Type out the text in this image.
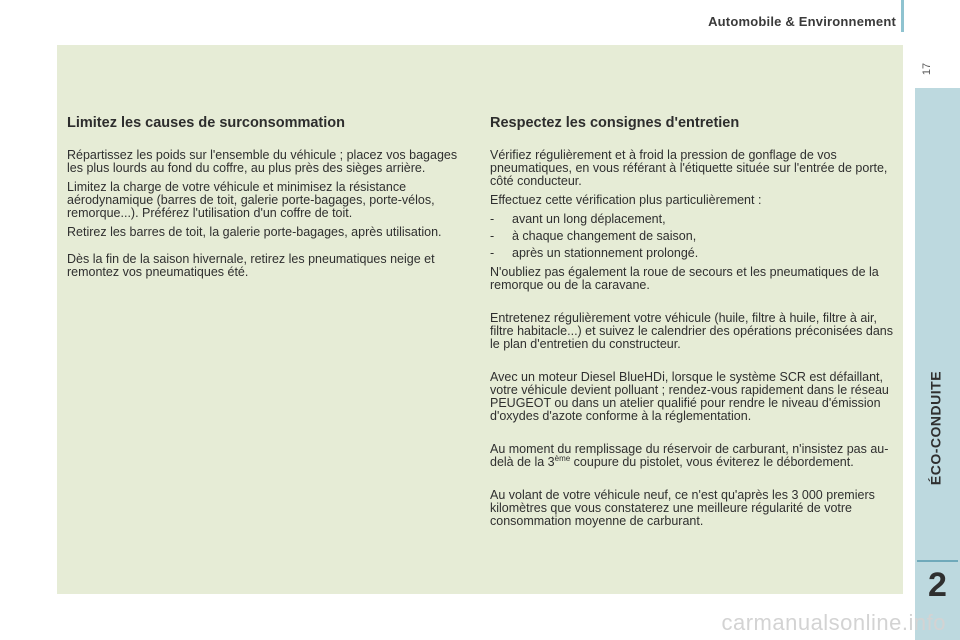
Automobile & Environnement
17
Limitez les causes de surconsommation

Répartissez les poids sur l'ensemble du véhicule ; placez vos bagages les plus lourds au fond du coffre, au plus près des sièges arrière.

Limitez la charge de votre véhicule et minimisez la résistance aérodynamique (barres de toit, galerie porte-bagages, porte-vélos, remorque...). Préférez l'utilisation d'un coffre de toit.

Retirez les barres de toit, la galerie porte-bagages, après utilisation.

Dès la fin de la saison hivernale, retirez les pneumatiques neige et remontez vos pneumatiques été.

Respectez les consignes d'entretien

Vérifiez régulièrement et à froid la pression de gonflage de vos pneumatiques, en vous référant à l'étiquette située sur l'entrée de porte, côté conducteur.

Effectuez cette vérification plus particulièrement :

- avant un long déplacement,
- à chaque changement de saison,
- après un stationnement prolongé.

N'oubliez pas également la roue de secours et les pneumatiques de la remorque ou de la caravane.

Entretenez régulièrement votre véhicule (huile, filtre à huile, filtre à air, filtre habitacle...) et suivez le calendrier des opérations préconisées dans le plan d'entretien du constructeur.

Avec un moteur Diesel BlueHDi, lorsque le système SCR est défaillant, votre véhicule devient polluant ; rendez-vous rapidement dans le réseau PEUGEOT ou dans un atelier qualifié pour rendre le niveau d'émission d'oxydes d'azote conforme à la réglementation.

Au moment du remplissage du réservoir de carburant, n'insistez pas au-delà de la 3ème coupure du pistolet, vous éviterez le débordement.

Au volant de votre véhicule neuf, ce n'est qu'après les 3 000 premiers kilomètres que vous constaterez une meilleure régularité de votre consommation moyenne de carburant.

ÉCO-CONDUITE
2
carmanualsonline.info
